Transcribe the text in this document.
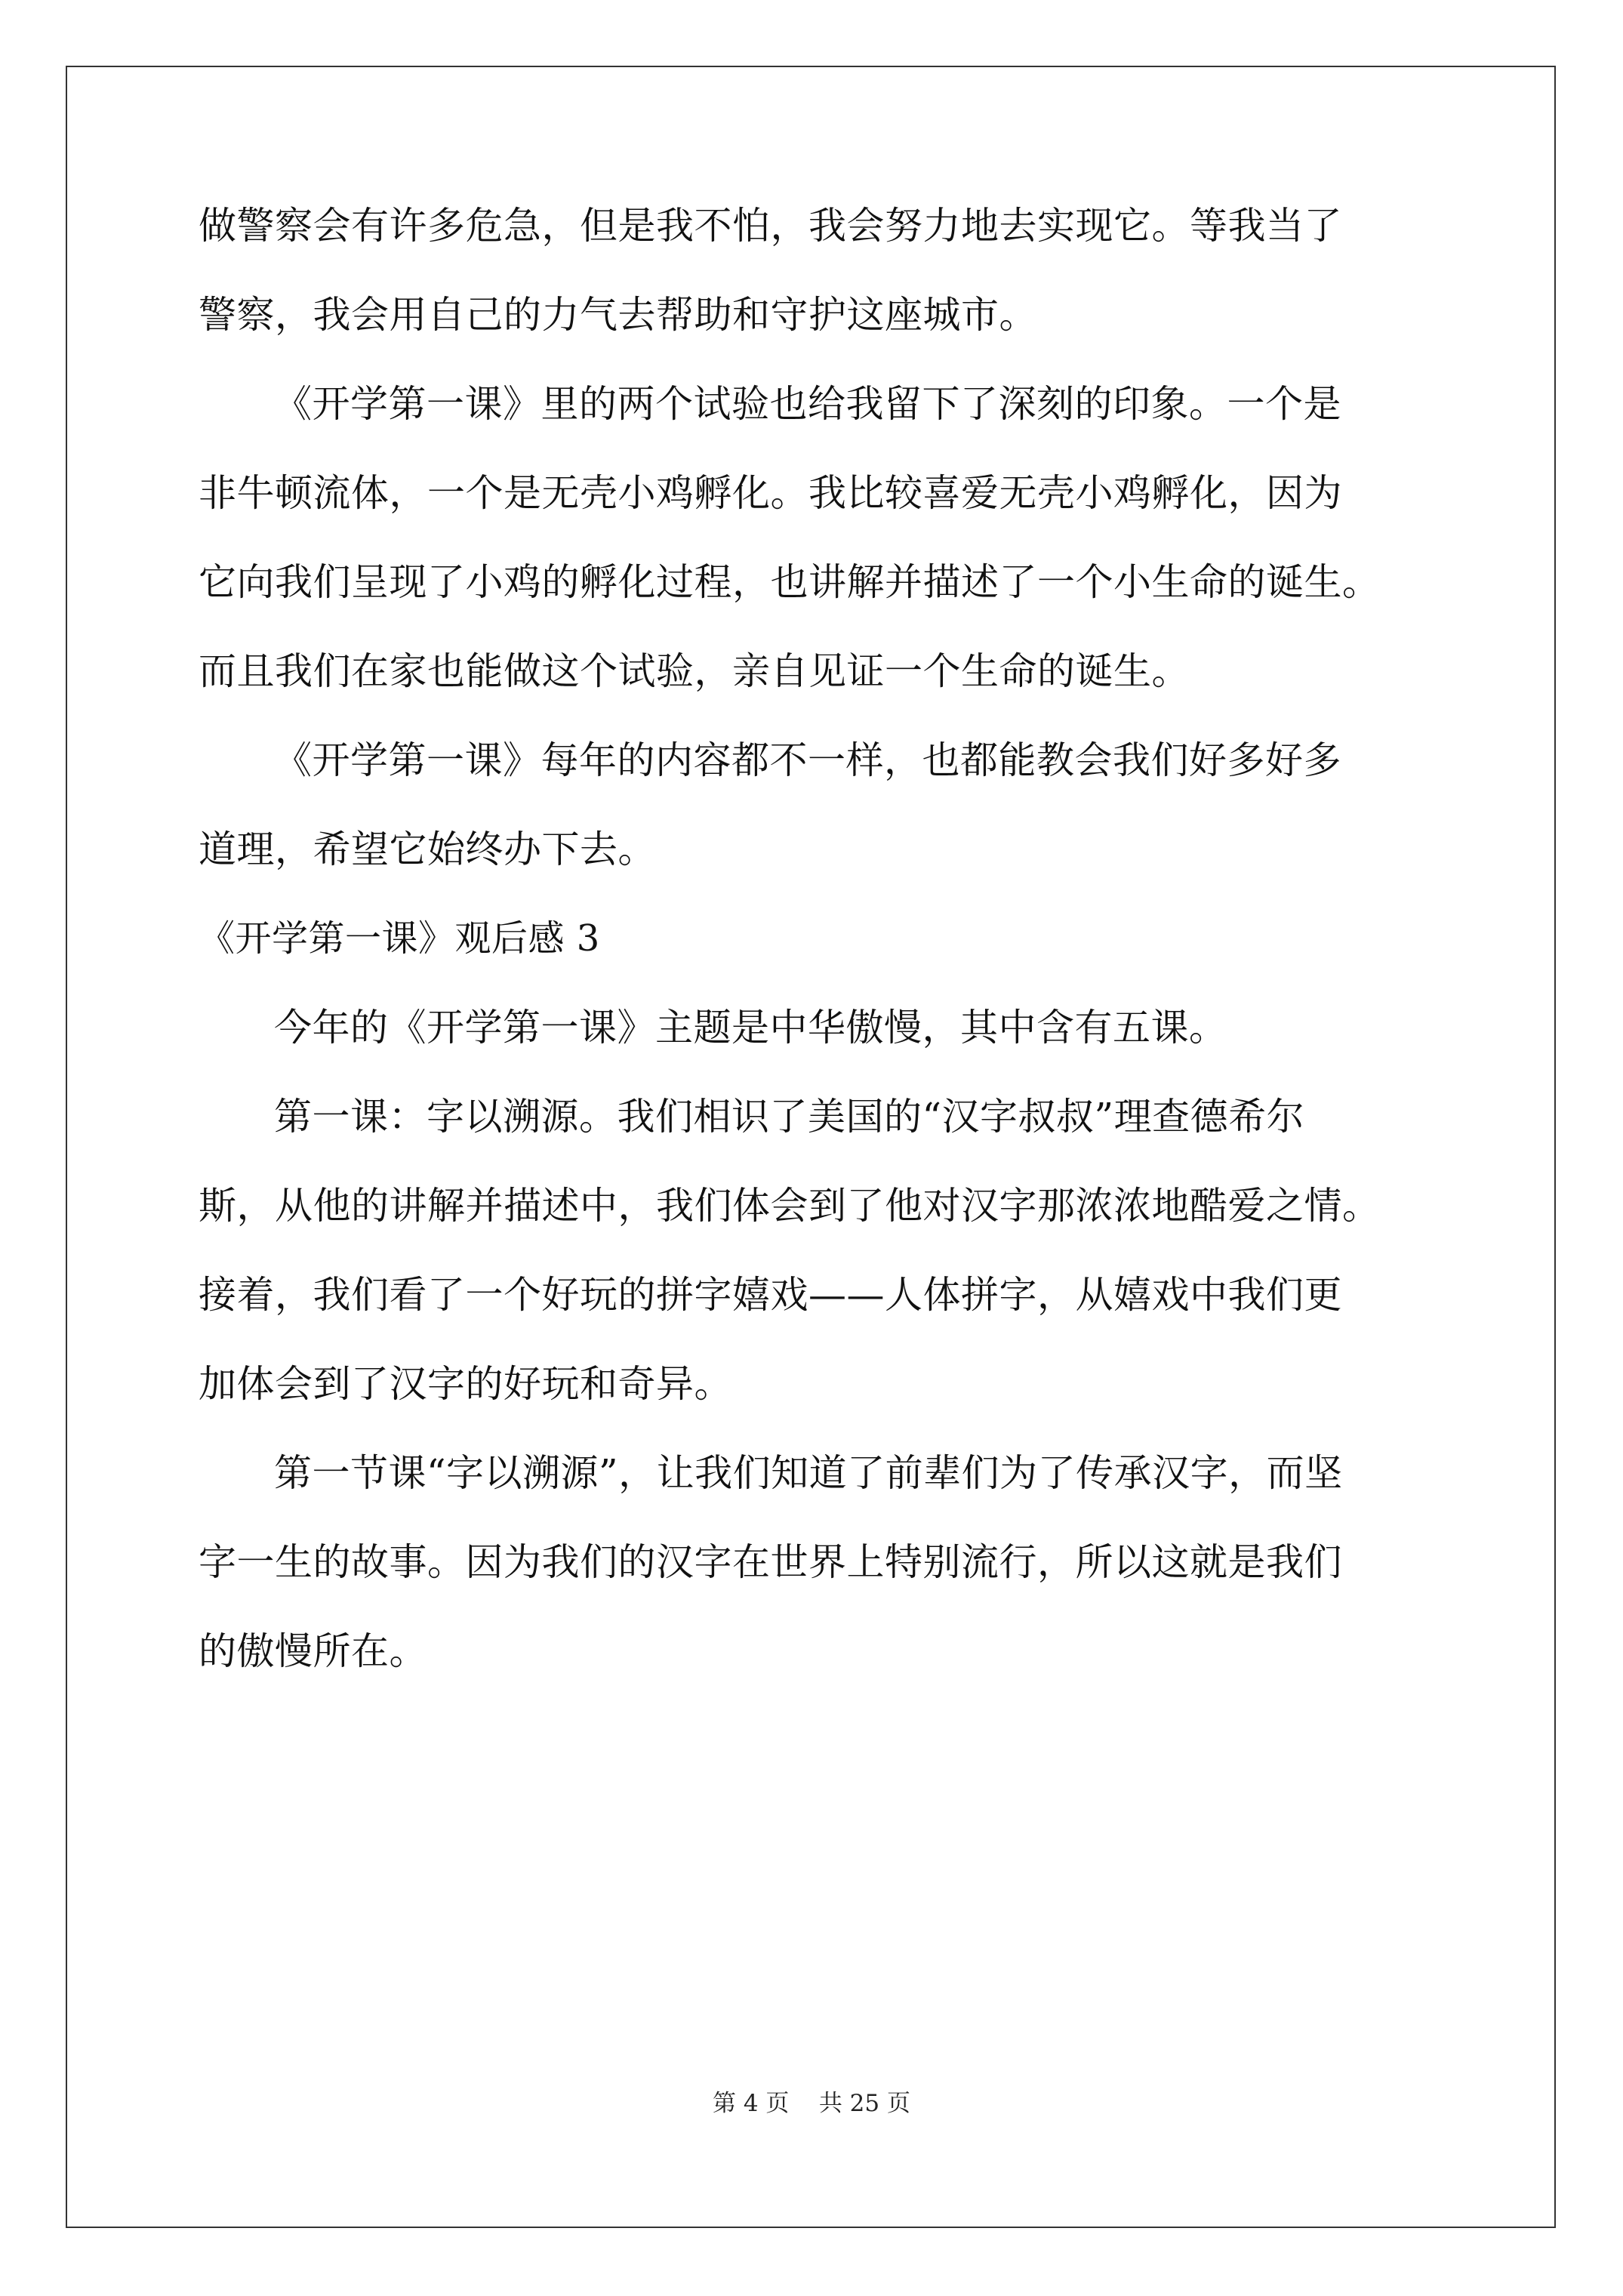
做警察会有许多危急，但是我不怕，我会努力地去实现它。等我当了
警察，我会用自己的力气去帮助和守护这座城市。
《开学第一课》里的两个试验也给我留下了深刻的印象。一个是
非牛顿流体，一个是无壳小鸡孵化。我比较喜爱无壳小鸡孵化，因为
它向我们呈现了小鸡的孵化过程，也讲解并描述了一个小生命的诞生。
而且我们在家也能做这个试验，亲自见证一个生命的诞生。
《开学第一课》每年的内容都不一样，也都能教会我们好多好多
道理，希望它始终办下去。
《开学第一课》观后感 3
今年的《开学第一课》主题是中华傲慢，其中含有五课。
第一课：字以溯源。我们相识了美国的“汉字叔叔”理查德希尔
斯，从他的讲解并描述中，我们体会到了他对汉字那浓浓地酷爱之情。
接着，我们看了一个好玩的拼字嬉戏——人体拼字，从嬉戏中我们更
加体会到了汉字的好玩和奇异。
第一节课“字以溯源”，让我们知道了前辈们为了传承汉字，而坚
字一生的故事。因为我们的汉字在世界上特别流行，所以这就是我们
的傲慢所在。
第 4 页    共 25 页
